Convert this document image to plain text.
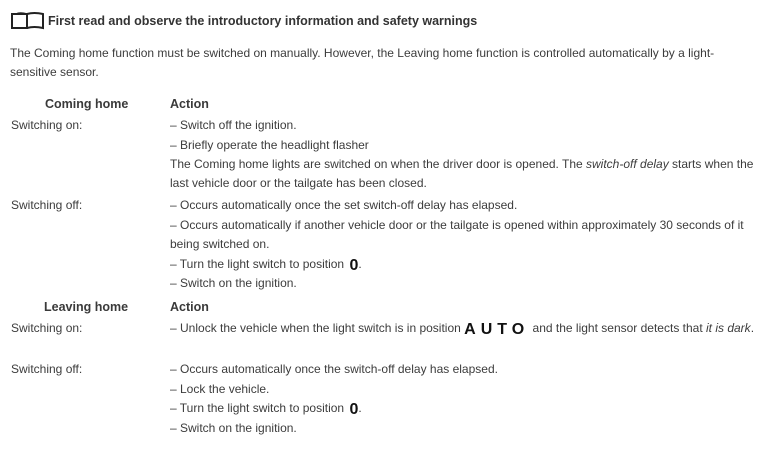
First read and observe the introductory information and safety warnings
The Coming home function must be switched on manually. However, the Leaving home function is controlled automatically by a light-sensitive sensor.
Coming home	Action
Switching on:	– Switch off the ignition.
– Briefly operate the headlight flasher
The Coming home lights are switched on when the driver door is opened. The switch-off delay starts when the last vehicle door or the tailgate has been closed.
Switching off:	– Occurs automatically once the set switch-off delay has elapsed.
– Occurs automatically if another vehicle door or the tailgate is opened within approximately 30 seconds of it being switched on.
– Turn the light switch to position 0.
– Switch on the ignition.
Leaving home	Action
Switching on:	– Unlock the vehicle when the light switch is in position AUTO and the light sensor detects that it is dark.
Switching off:	– Occurs automatically once the switch-off delay has elapsed.
– Lock the vehicle.
– Turn the light switch to position 0.
– Switch on the ignition.
